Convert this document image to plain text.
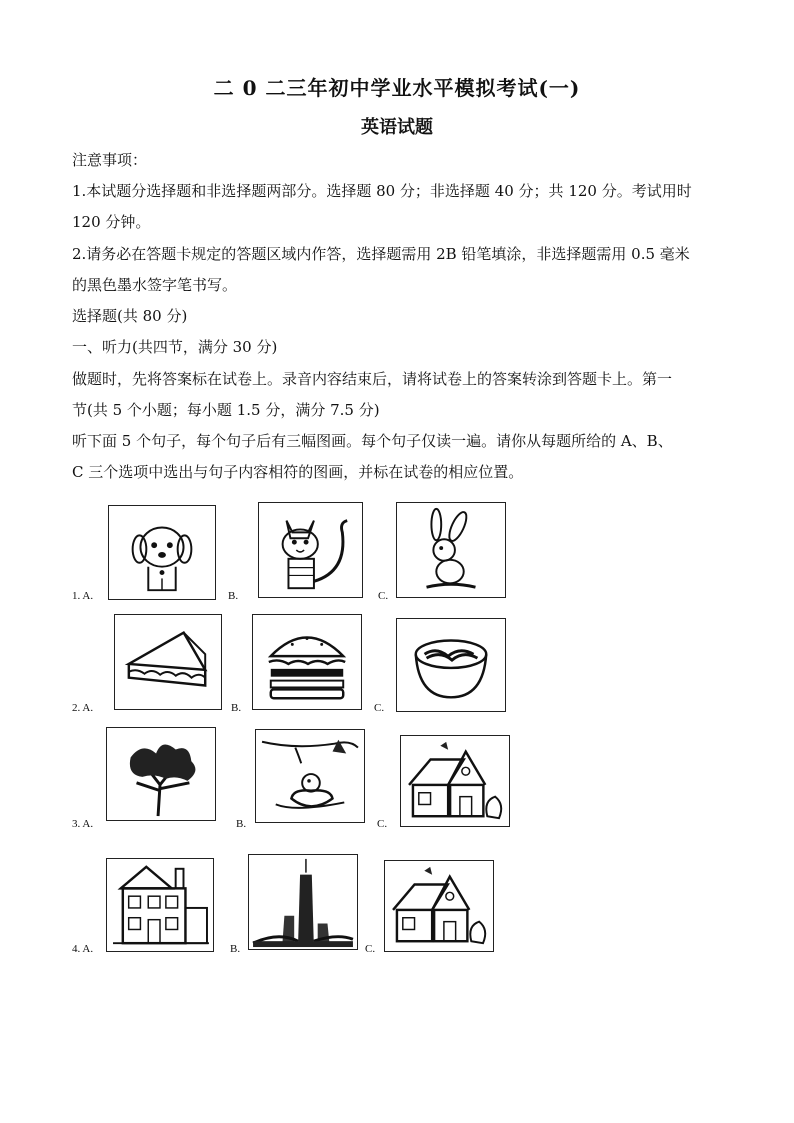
二 0 二三年初中学业水平模拟考试(一)
英语试题
注意事项：
1.本试题分选择题和非选择题两部分。选择题 80 分；非选择题 40 分；共 120 分。考试用时
120 分钟。
2.请务必在答题卡规定的答题区域内作答，选择题需用 2B 铅笔填涂，非选择题需用 0.5 毫米
的黑色墨水签字笔书写。
选择题(共 80 分)
一、听力(共四节，满分 30 分)
做题时，先将答案标在试卷上。录音内容结束后，请将试卷上的答案转涂到答题卡上。第一
节(共 5 个小题；每小题 1.5 分，满分 7.5 分)
听下面 5 个句子，每个句子后有三幅图画。每个句子仅读一遍。请你从每题所给的 A、B、
C 三个选项中选出与句子内容相符的图画，并标在试卷的相应位置。
1. A.	B.	C.
2. A.	B.	C.
3. A.	B.	C.
4. A.	B.	C.
